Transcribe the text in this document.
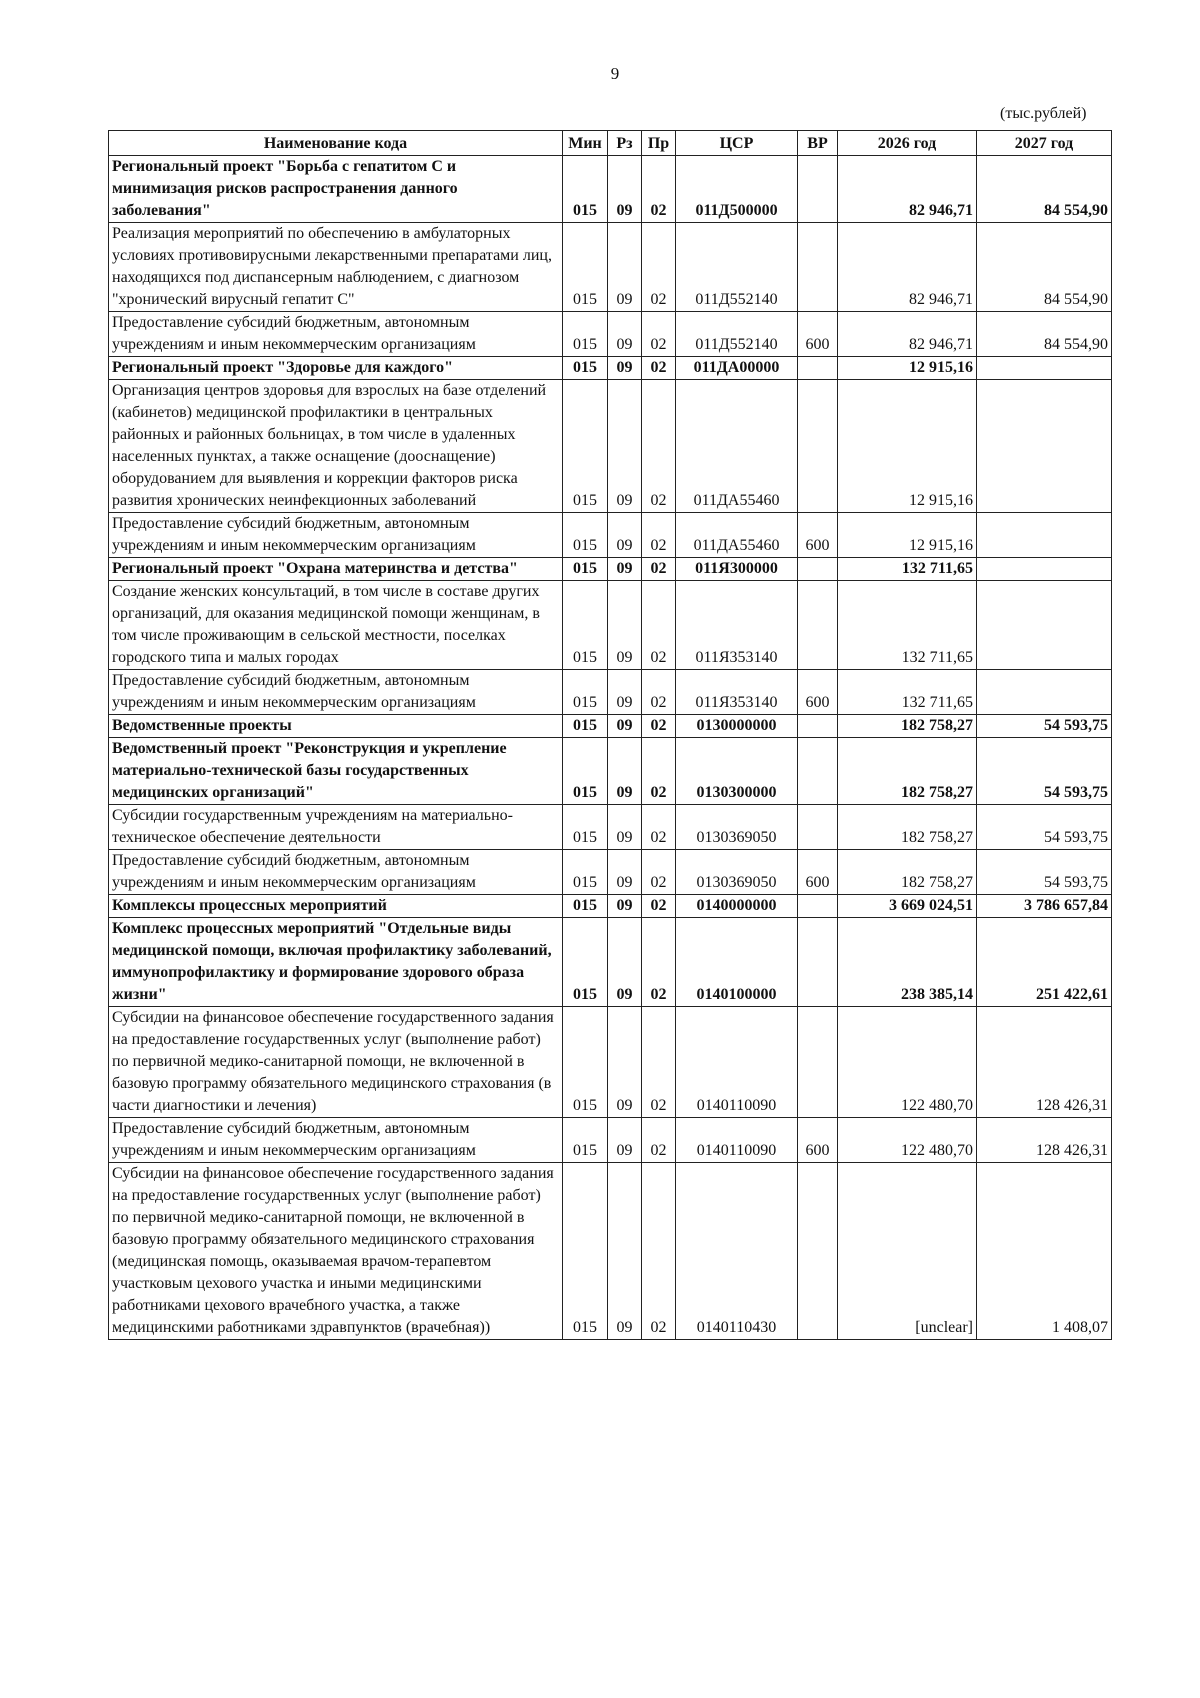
9
(тыс.рублей)
Наименование кода	Мин	Рз	Пр	ЦСР	ВР	2026 год	2027 год
Региональный проект "Борьба с гепатитом С и минимизация рисков распространения данного заболевания"	015	09	02	011Д500000		82 946,71	84 554,90
Реализация мероприятий по обеспечению в амбулаторных условиях противовирусными лекарственными препаратами лиц, находящихся под диспансерным наблюдением, с диагнозом "хронический вирусный гепатит С"	015	09	02	011Д552140		82 946,71	84 554,90
Предоставление субсидий бюджетным, автономным учреждениям и иным некоммерческим организациям	015	09	02	011Д552140	600	82 946,71	84 554,90
Региональный проект "Здоровье для каждого"	015	09	02	011ДА00000		12 915,16	
Организация центров здоровья для взрослых на базе отделений (кабинетов) медицинской профилактики в центральных районных и районных больницах, в том числе в удаленных населенных пунктах, а также оснащение (дооснащение) оборудованием для выявления и коррекции факторов риска развития хронических неинфекционных заболеваний	015	09	02	011ДА55460		12 915,16	
Предоставление субсидий бюджетным, автономным учреждениям и иным некоммерческим организациям	015	09	02	011ДА55460	600	12 915,16	
Региональный проект "Охрана материнства и детства"	015	09	02	011Я300000		132 711,65	
Создание женских консультаций, в том числе в составе других организаций, для оказания медицинской помощи женщинам, в том числе проживающим в сельской местности, поселках городского типа и малых городах	015	09	02	011Я353140		132 711,65	
Предоставление субсидий бюджетным, автономным учреждениям и иным некоммерческим организациям	015	09	02	011Я353140	600	132 711,65	
Ведомственные проекты	015	09	02	0130000000		182 758,27	54 593,75
Ведомственный проект "Реконструкция и укрепление материально-технической базы государственных медицинских организаций"	015	09	02	0130300000		182 758,27	54 593,75
Субсидии государственным учреждениям на материально-техническое обеспечение деятельности	015	09	02	0130369050		182 758,27	54 593,75
Предоставление субсидий бюджетным, автономным учреждениям и иным некоммерческим организациям	015	09	02	0130369050	600	182 758,27	54 593,75
Комплексы процессных мероприятий	015	09	02	0140000000		3 669 024,51	3 786 657,84
Комплекс процессных мероприятий "Отдельные виды медицинской помощи, включая профилактику заболеваний, иммунопрофилактику и формирование здорового образа жизни"	015	09	02	0140100000		238 385,14	251 422,61
Субсидии на финансовое обеспечение государственного задания на предоставление государственных услуг (выполнение работ) по первичной медико-санитарной помощи, не включенной в базовую программу обязательного медицинского страхования (в части диагностики и лечения)	015	09	02	0140110090		122 480,70	128 426,31
Предоставление субсидий бюджетным, автономным учреждениям и иным некоммерческим организациям	015	09	02	0140110090	600	122 480,70	128 426,31
Субсидии на финансовое обеспечение государственного задания на предоставление государственных услуг (выполнение работ) по первичной медико-санитарной помощи, не включенной в базовую программу обязательного медицинского страхования (медицинская помощь, оказываемая врачом-терапевтом участковым цехового участка и иными медицинскими работниками цехового врачебного участка, а также медицинскими работниками здравпунктов (врачебная))	015	09	02	0140110430		[unclear]	1 408,07
